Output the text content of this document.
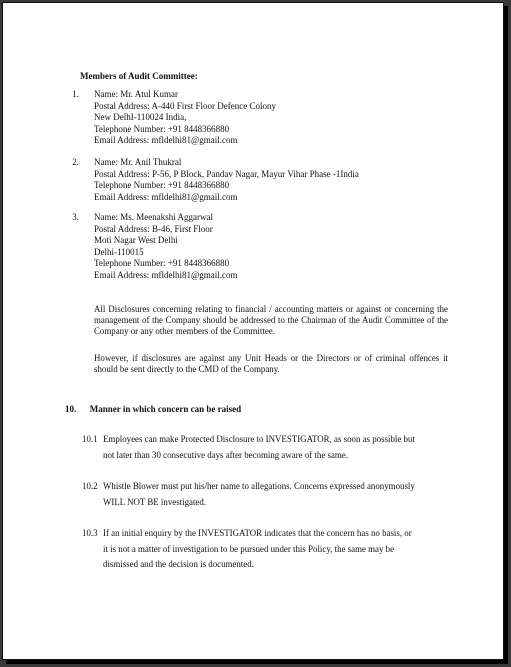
Members of Audit Committee:
1. Name: Mr. Atul Kumar
Postal Address: A-440 First Floor Defence Colony
New DelhI-110024 India,
Telephone Number: +91 8448366880
Email Address: mfldelhi81@gmail.com
2. Name: Mr. Anil Thukral
Postal Address: P-56, P Block, Pandav Nagar, Mayur Vihar Phase -1India
Telephone Number: +91 8448366880
Email Address: mfldelhi81@gmail.com
3. Name: Ms. Meenakshi Aggarwal
Postal Address: B-46, First Floor
Moti Nagar West Delhi
Delhi-110015
Telephone Number: +91 8448366880
Email Address: mfldelhi81@gmail.com
All Disclosures concerning relating to financial / accounting matters or against or concerning the management of the Company should be addressed to the Chairman of the Audit Committee of the Company or any other members of the Committee.
However, if disclosures are against any Unit Heads or the Directors or of criminal offences it should be sent directly to the CMD of the Company.
10. Manner in which concern can be raised
10.1 Employees can make Protected Disclosure to INVESTIGATOR, as soon as possible but
not later than 30 consecutive days after becoming aware of the same.
10.2 Whistle Blower must put his/her name to allegations. Concerns expressed anonymously
WILL NOT BE investigated.
10.3 If an initial enquiry by the INVESTIGATOR indicates that the concern has no basis, or
it is not a matter of investigation to be pursued under this Policy, the same may be
dismissed and the decision is documented.
